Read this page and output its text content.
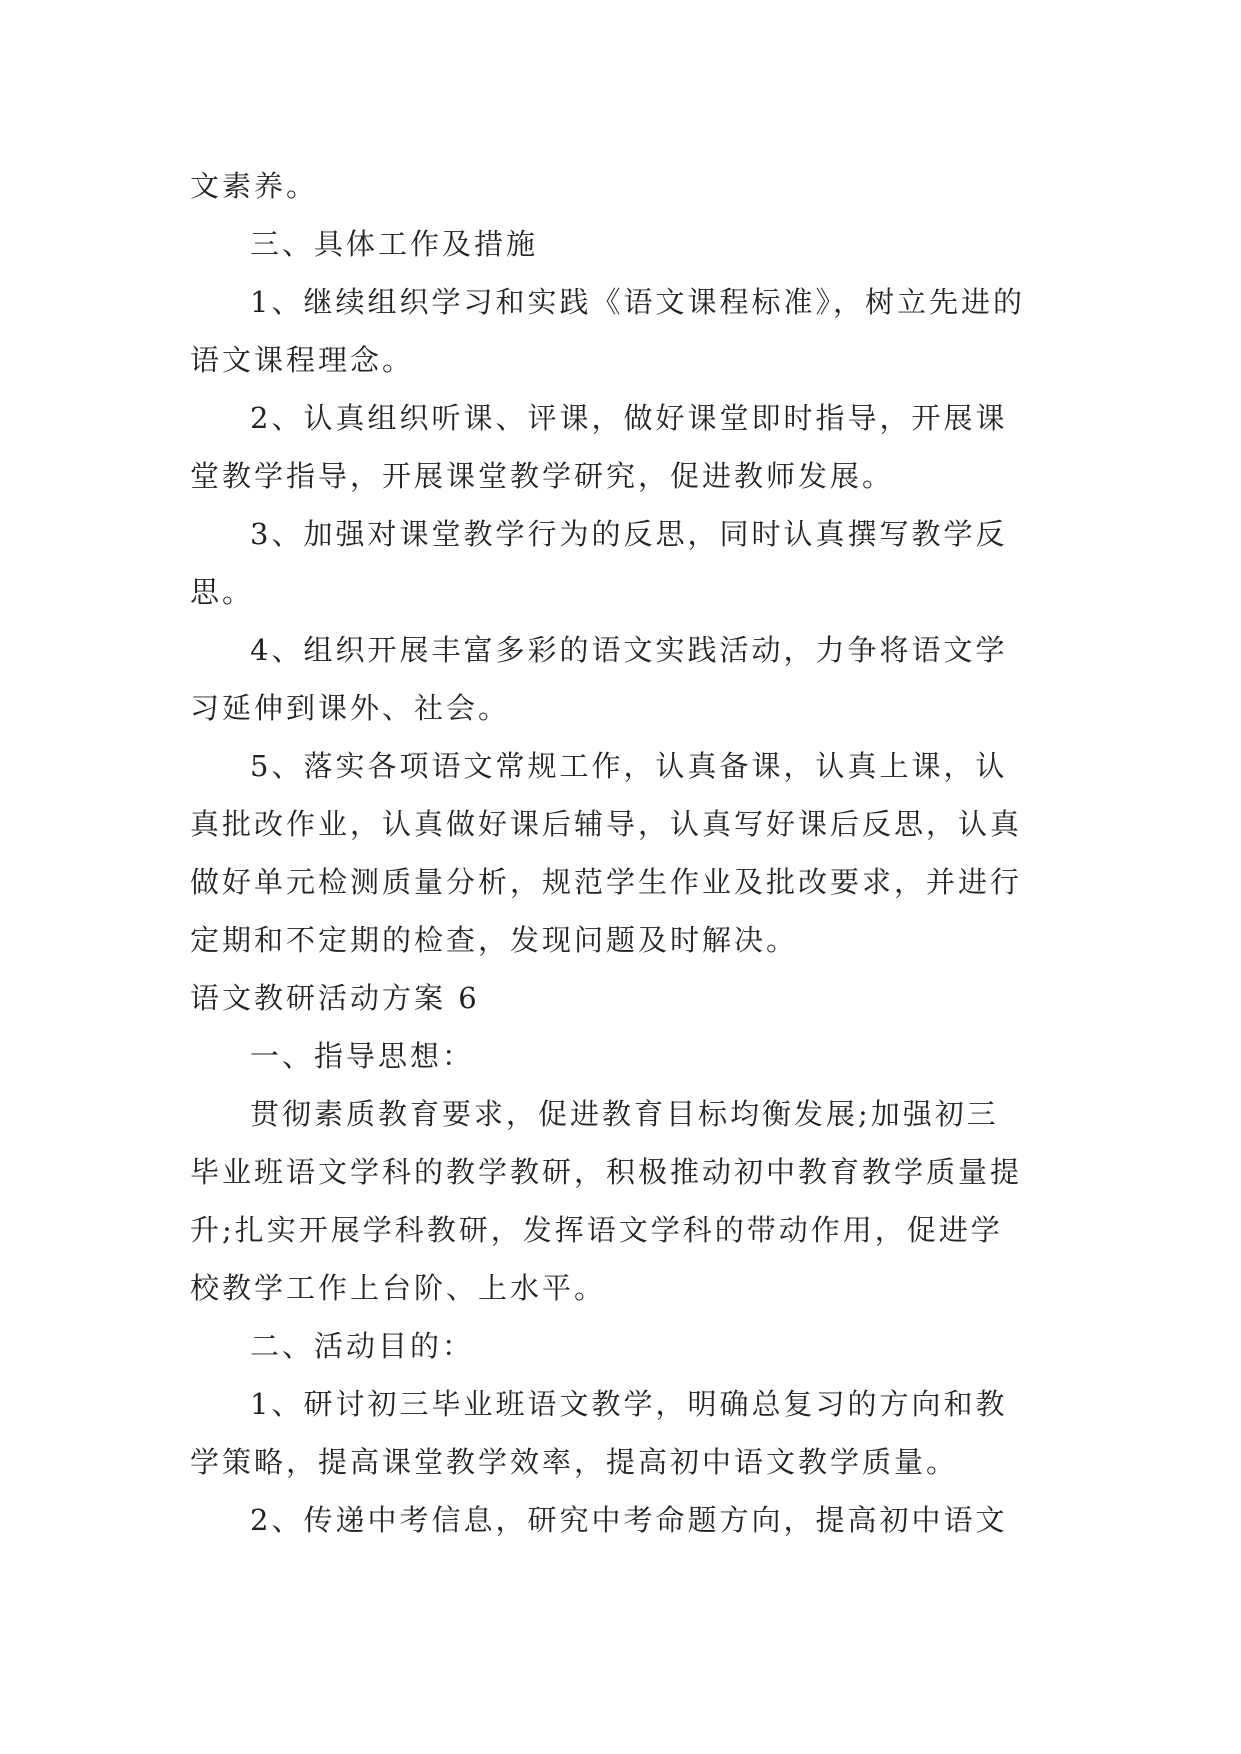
文素养。

三、具体工作及措施

1、继续组织学习和实践《语文课程标准》，树立先进的

语文课程理念。

2、认真组织听课、评课，做好课堂即时指导，开展课

堂教学指导，开展课堂教学研究，促进教师发展。

3、加强对课堂教学行为的反思，同时认真撰写教学反

思。

4、组织开展丰富多彩的语文实践活动，力争将语文学

习延伸到课外、社会。

5、落实各项语文常规工作，认真备课，认真上课，认

真批改作业，认真做好课后辅导，认真写好课后反思，认真

做好单元检测质量分析，规范学生作业及批改要求，并进行

定期和不定期的检查，发现问题及时解决。

语文教研活动方案 6

一、指导思想：

贯彻素质教育要求，促进教育目标均衡发展;加强初三

毕业班语文学科的教学教研，积极推动初中教育教学质量提

升;扎实开展学科教研，发挥语文学科的带动作用，促进学

校教学工作上台阶、上水平。

二、活动目的：

1、研讨初三毕业班语文教学，明确总复习的方向和教

学策略，提高课堂教学效率，提高初中语文教学质量。

2、传递中考信息，研究中考命题方向，提高初中语文
